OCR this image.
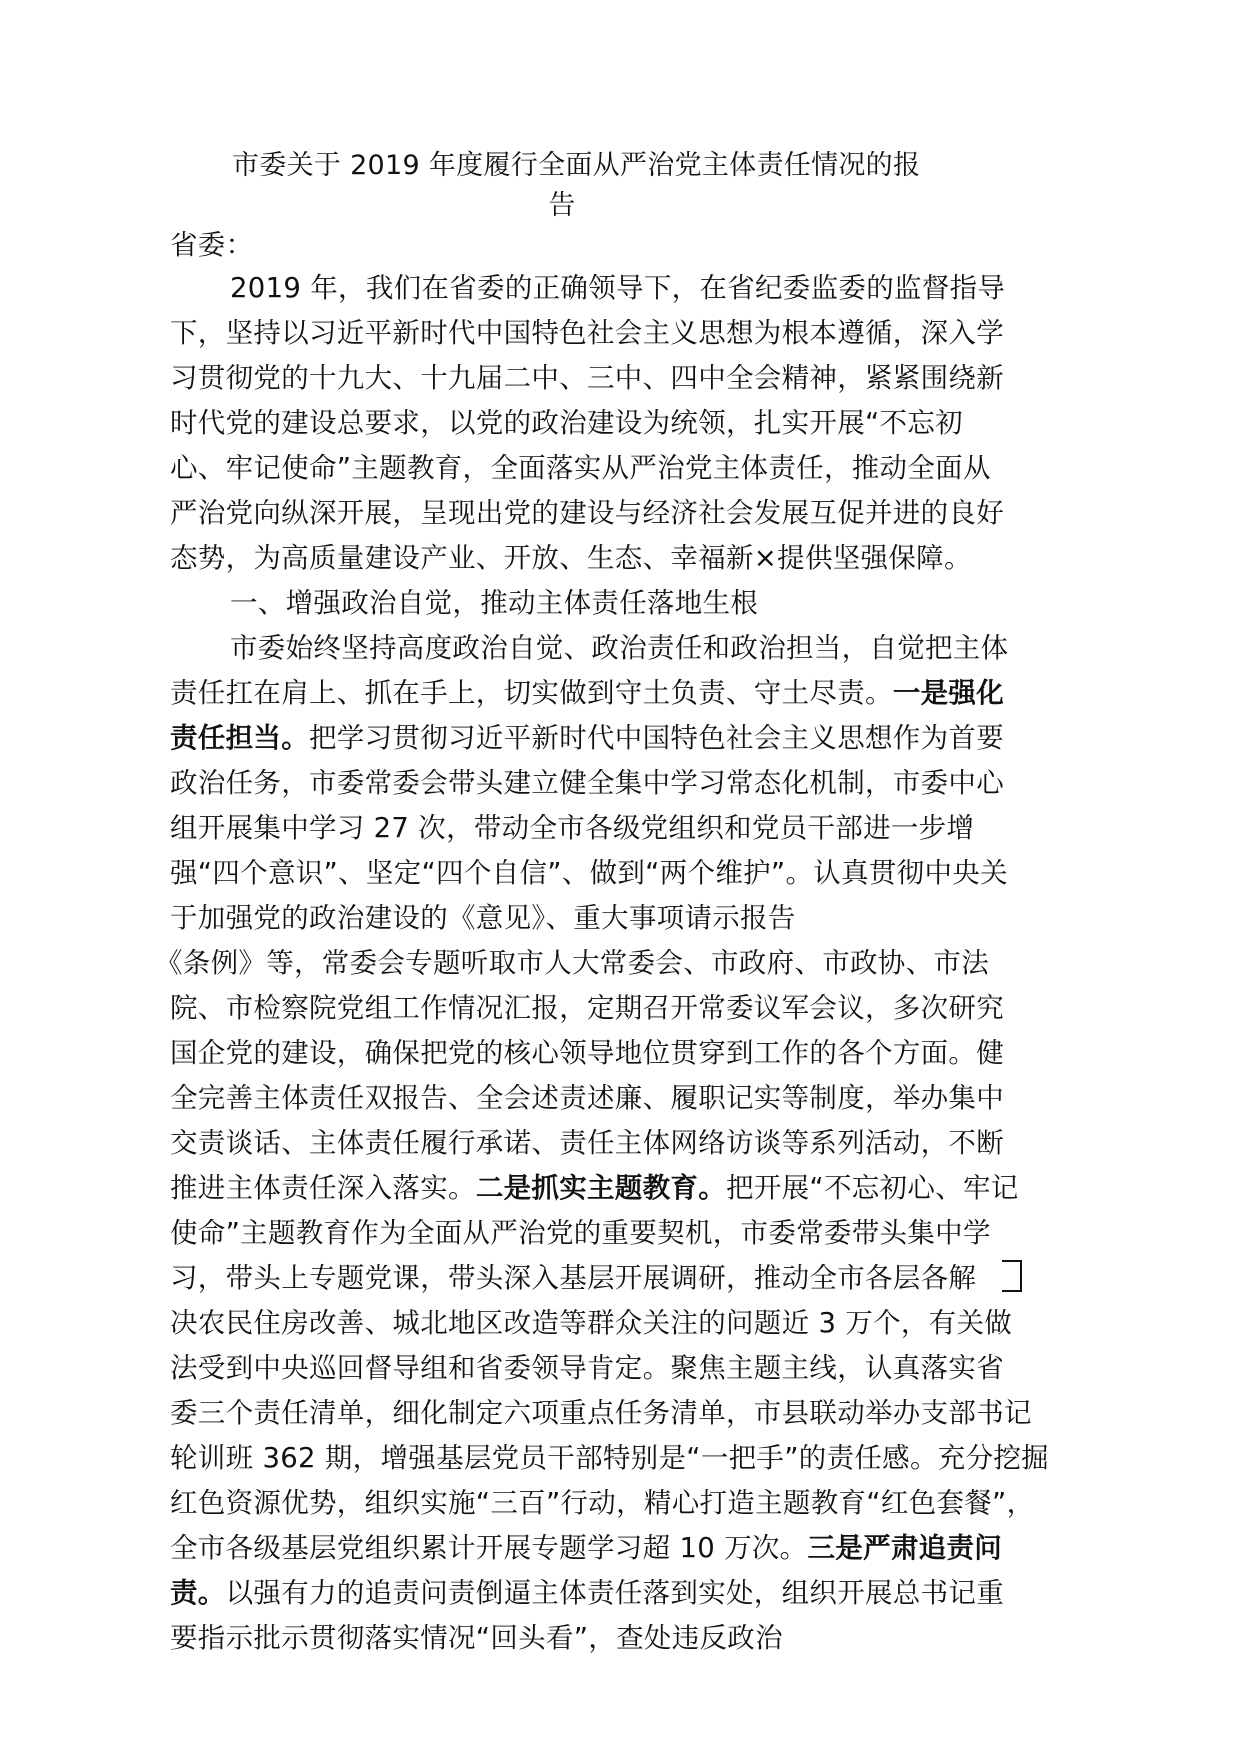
市委关于 2019 年度履行全面从严治党主体责任情况的报

告
省委：
2019 年，我们在省委的正确领导下，在省纪委监委的监督指导
下，坚持以习近平新时代中国特色社会主义思想为根本遵循，深入学
习贯彻党的十九大、十九届二中、三中、四中全会精神，紧紧围绕新
时代党的建设总要求，以党的政治建设为统领，扎实开展“不忘初
心、牢记使命”主题教育，全面落实从严治党主体责任，推动全面从
严治党向纵深开展，呈现出党的建设与经济社会发展互促并进的良好
态势，为高质量建设产业、开放、生态、幸福新×提供坚强保障。
一、增强政治自觉，推动主体责任落地生根
市委始终坚持高度政治自觉、政治责任和政治担当，自觉把主体
责任扛在肩上、抓在手上，切实做到守土负责、守土尽责。一是强化
责任担当。把学习贯彻习近平新时代中国特色社会主义思想作为首要
政治任务，市委常委会带头建立健全集中学习常态化机制，市委中心
组开展集中学习 27 次，带动全市各级党组织和党员干部进一步增
强“四个意识”、坚定“四个自信”、做到“两个维护”。认真贯彻中央关
于加强党的政治建设的《意见》、重大事项请示报告
《条例》等，常委会专题听取市人大常委会、市政府、市政协、市法
院、市检察院党组工作情况汇报，定期召开常委议军会议，多次研究
国企党的建设，确保把党的核心领导地位贯穿到工作的各个方面。健
全完善主体责任双报告、全会述责述廉、履职记实等制度，举办集中
交责谈话、主体责任履行承诺、责任主体网络访谈等系列活动，不断
推进主体责任深入落实。二是抓实主题教育。把开展“不忘初心、牢记
使命”主题教育作为全面从严治党的重要契机，市委常委带头集中学
习，带头上专题党课，带头深入基层开展调研，推动全市各层各解
决农民住房改善、城北地区改造等群众关注的问题近 3 万个，有关做
法受到中央巡回督导组和省委领导肯定。聚焦主题主线，认真落实省
委三个责任清单，细化制定六项重点任务清单，市县联动举办支部书记
轮训班 362 期，增强基层党员干部特别是“一把手”的责任感。充分挖掘
红色资源优势，组织实施“三百”行动，精心打造主题教育“红色套餐”，
全市各级基层党组织累计开展专题学习超 10 万次。三是严肃追责问
责。以强有力的追责问责倒逼主体责任落到实处，组织开展总书记重
要指示批示贯彻落实情况“回头看”，查处违反政治
